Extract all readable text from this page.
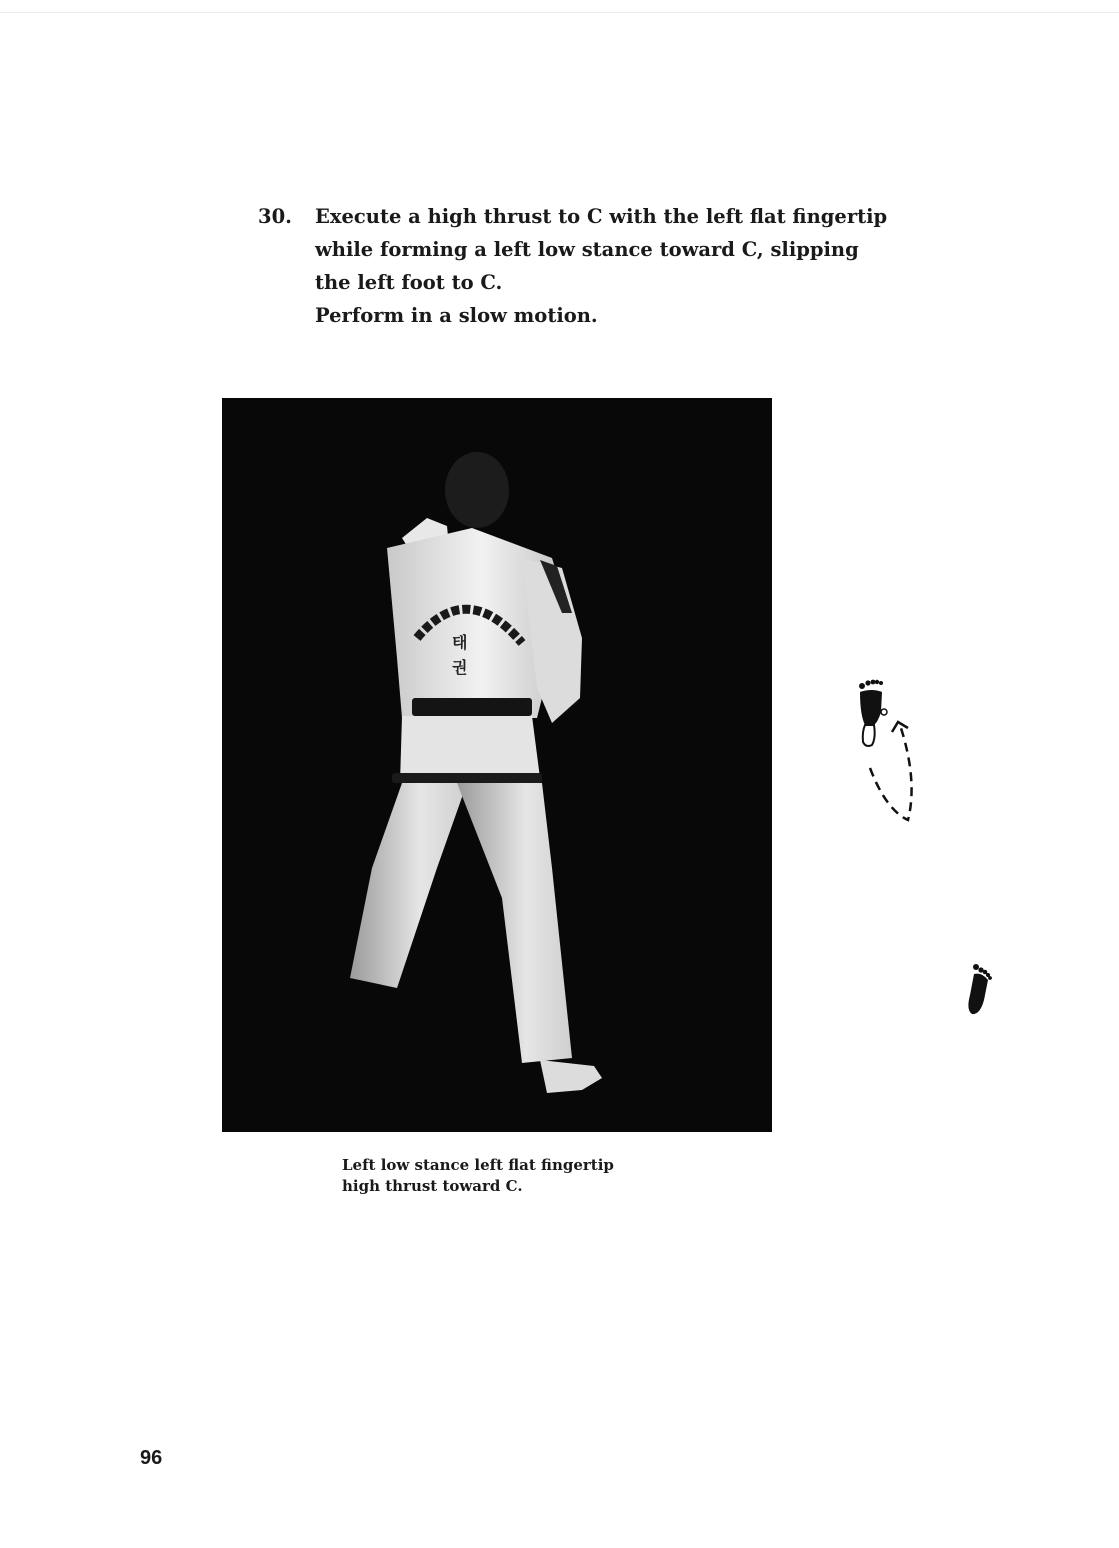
30. Execute a high thrust to C with the left flat fingertip
while forming a left low stance toward C, slipping
the left foot to C.
Perform in a slow motion.
태
권
Left low stance left flat fingertip
high thrust toward C.
96
